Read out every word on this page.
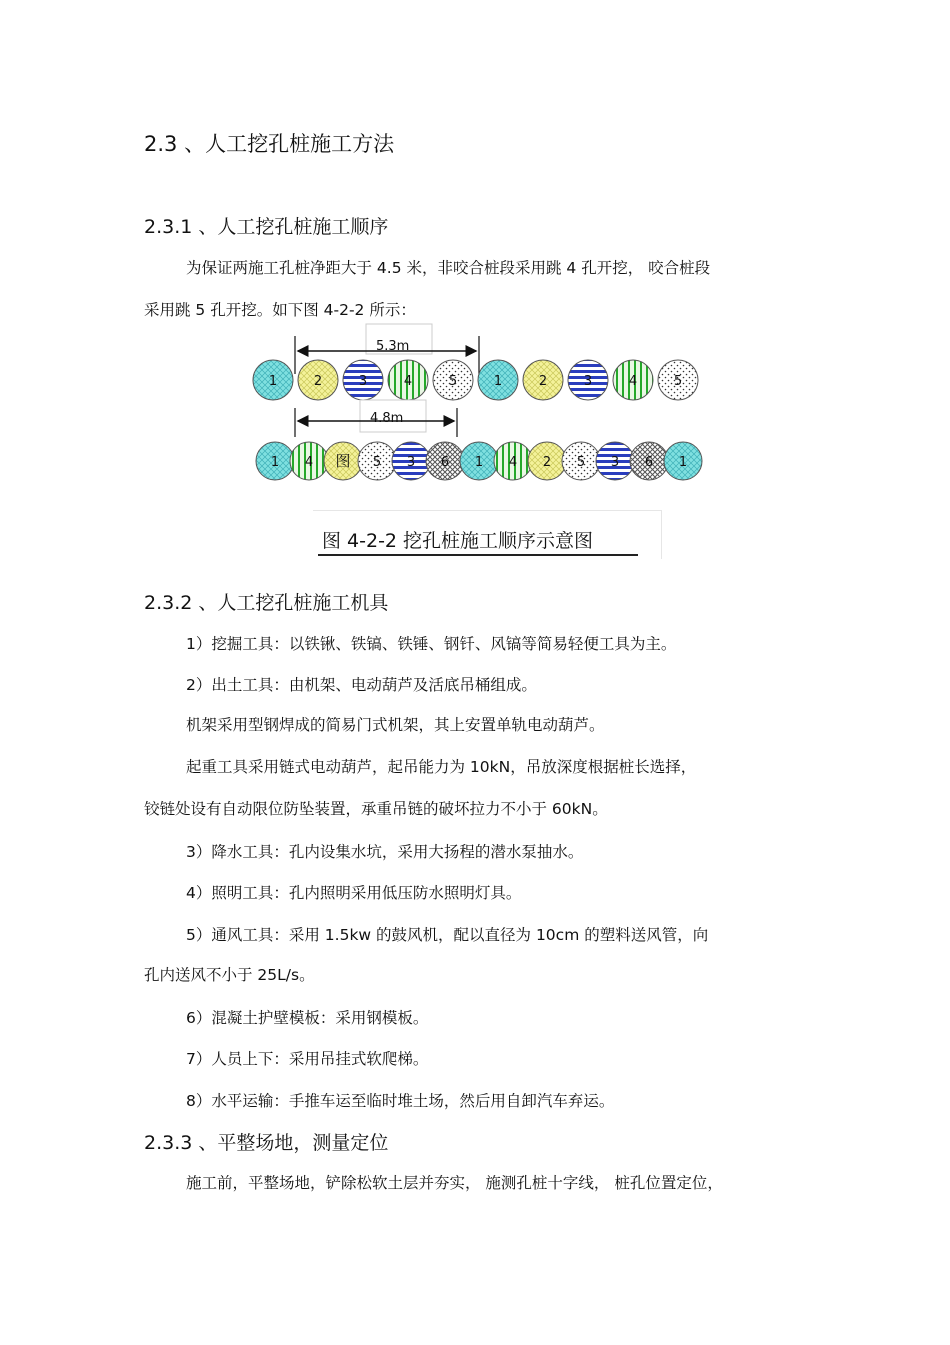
2.3 、人工挖孔桩施工方法
2.3.1 、人工挖孔桩施工顺序
为保证两施工孔桩净距大于 4.5 米，非咬合桩段采用跳 4 孔开挖， 咬合桩段
采用跳 5 孔开挖。如下图 4-2-2 所示：
5.3m
1	2	3	4	5	1	2	3	4	5
4.8m
1 4 图 5 3 6 1 4 2 5 3 6 1
图 4-2-2 挖孔桩施工顺序示意图
2.3.2 、人工挖孔桩施工机具
1）挖掘工具：以铁锹、铁镐、铁锤、钢钎、风镐等简易轻便工具为主。
2）出土工具：由机架、电动葫芦及活底吊桶组成。
机架采用型钢焊成的简易门式机架，其上安置单轨电动葫芦。
起重工具采用链式电动葫芦，起吊能力为 10kN，吊放深度根据桩长选择，
铰链处设有自动限位防坠装置，承重吊链的破坏拉力不小于 60kN。
3）降水工具：孔内设集水坑，采用大扬程的潜水泵抽水。
4）照明工具：孔内照明采用低压防水照明灯具。
5）通风工具：采用 1.5kw 的鼓风机，配以直径为 10cm 的塑料送风管，向
孔内送风不小于 25L/s。
6）混凝土护壁模板：采用钢模板。
7）人员上下：采用吊挂式软爬梯。
8）水平运输：手推车运至临时堆土场，然后用自卸汽车弃运。
2.3.3 、平整场地，测量定位
施工前，平整场地，铲除松软土层并夯实， 施测孔桩十字线， 桩孔位置定位，
